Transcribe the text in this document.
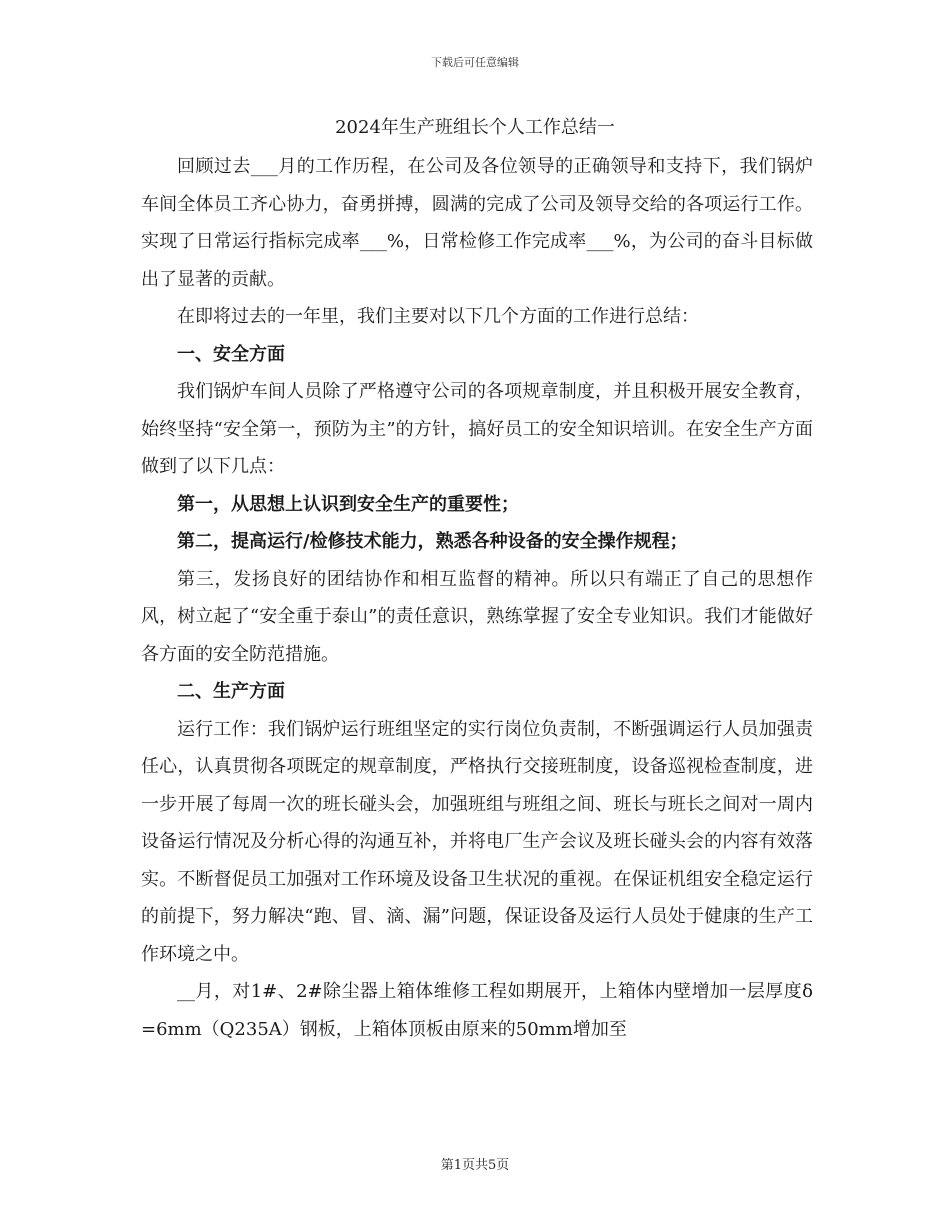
下载后可任意编辑
2024年生产班组长个人工作总结一

回顾过去___月的工作历程，在公司及各位领导的正确领导和支持下，我们锅炉车间全体员工齐心协力，奋勇拼搏，圆满的完成了公司及领导交给的各项运行工作。实现了日常运行指标完成率___%，日常检修工作完成率___%，为公司的奋斗目标做出了显著的贡献。

在即将过去的一年里，我们主要对以下几个方面的工作进行总结：

一、安全方面

我们锅炉车间人员除了严格遵守公司的各项规章制度，并且积极开展安全教育，始终坚持“安全第一，预防为主”的方针，搞好员工的安全知识培训。在安全生产方面做到了以下几点：

第一，从思想上认识到安全生产的重要性；

第二，提高运行/检修技术能力，熟悉各种设备的安全操作规程；

第三，发扬良好的团结协作和相互监督的精神。所以只有端正了自己的思想作风，树立起了“安全重于泰山”的责任意识，熟练掌握了安全专业知识。我们才能做好各方面的安全防范措施。

二、生产方面

运行工作：我们锅炉运行班组坚定的实行岗位负责制，不断强调运行人员加强责任心，认真贯彻各项既定的规章制度，严格执行交接班制度，设备巡视检查制度，进一步开展了每周一次的班长碰头会，加强班组与班组之间、班长与班长之间对一周内设备运行情况及分析心得的沟通互补，并将电厂生产会议及班长碰头会的内容有效落实。不断督促员工加强对工作环境及设备卫生状况的重视。在保证机组安全稳定运行的前提下，努力解决“跑、冒、滴、漏”问题，保证设备及运行人员处于健康的生产工作环境之中。

__月，对1#、2#除尘器上箱体维修工程如期展开，上箱体内壁增加一层厚度δ=6mm（Q235A）钢板，上箱体顶板由原来的50mm增加至

第1页共5页
